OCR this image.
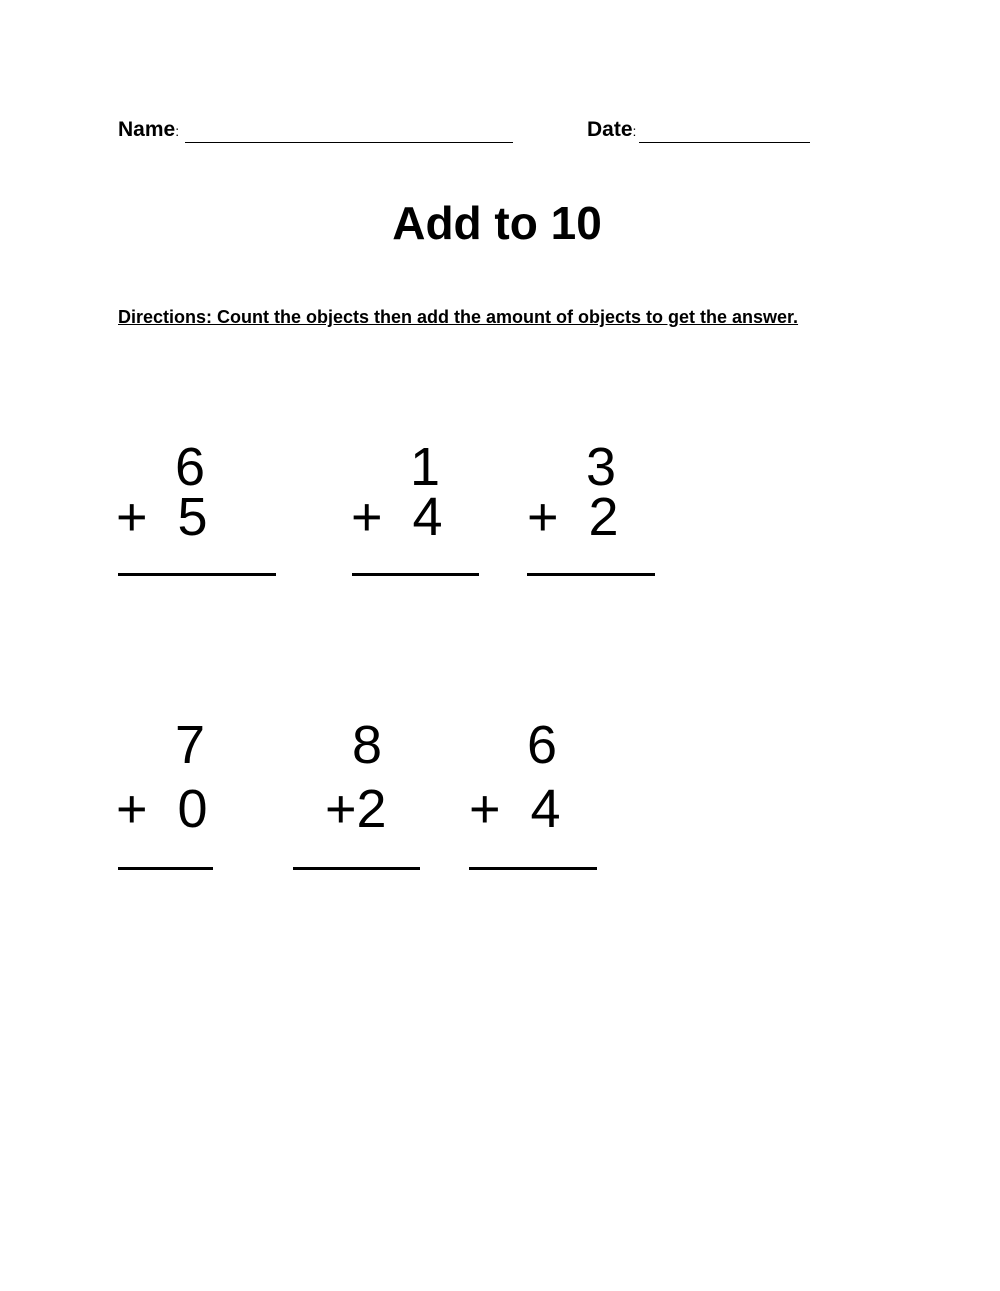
Name:	Date:
Add to 10
Directions: Count the objects then add the amount of objects to get the answer.
6
+  5
1
+  4
3
+  2
7
+  0
8
+2
6
+  4
